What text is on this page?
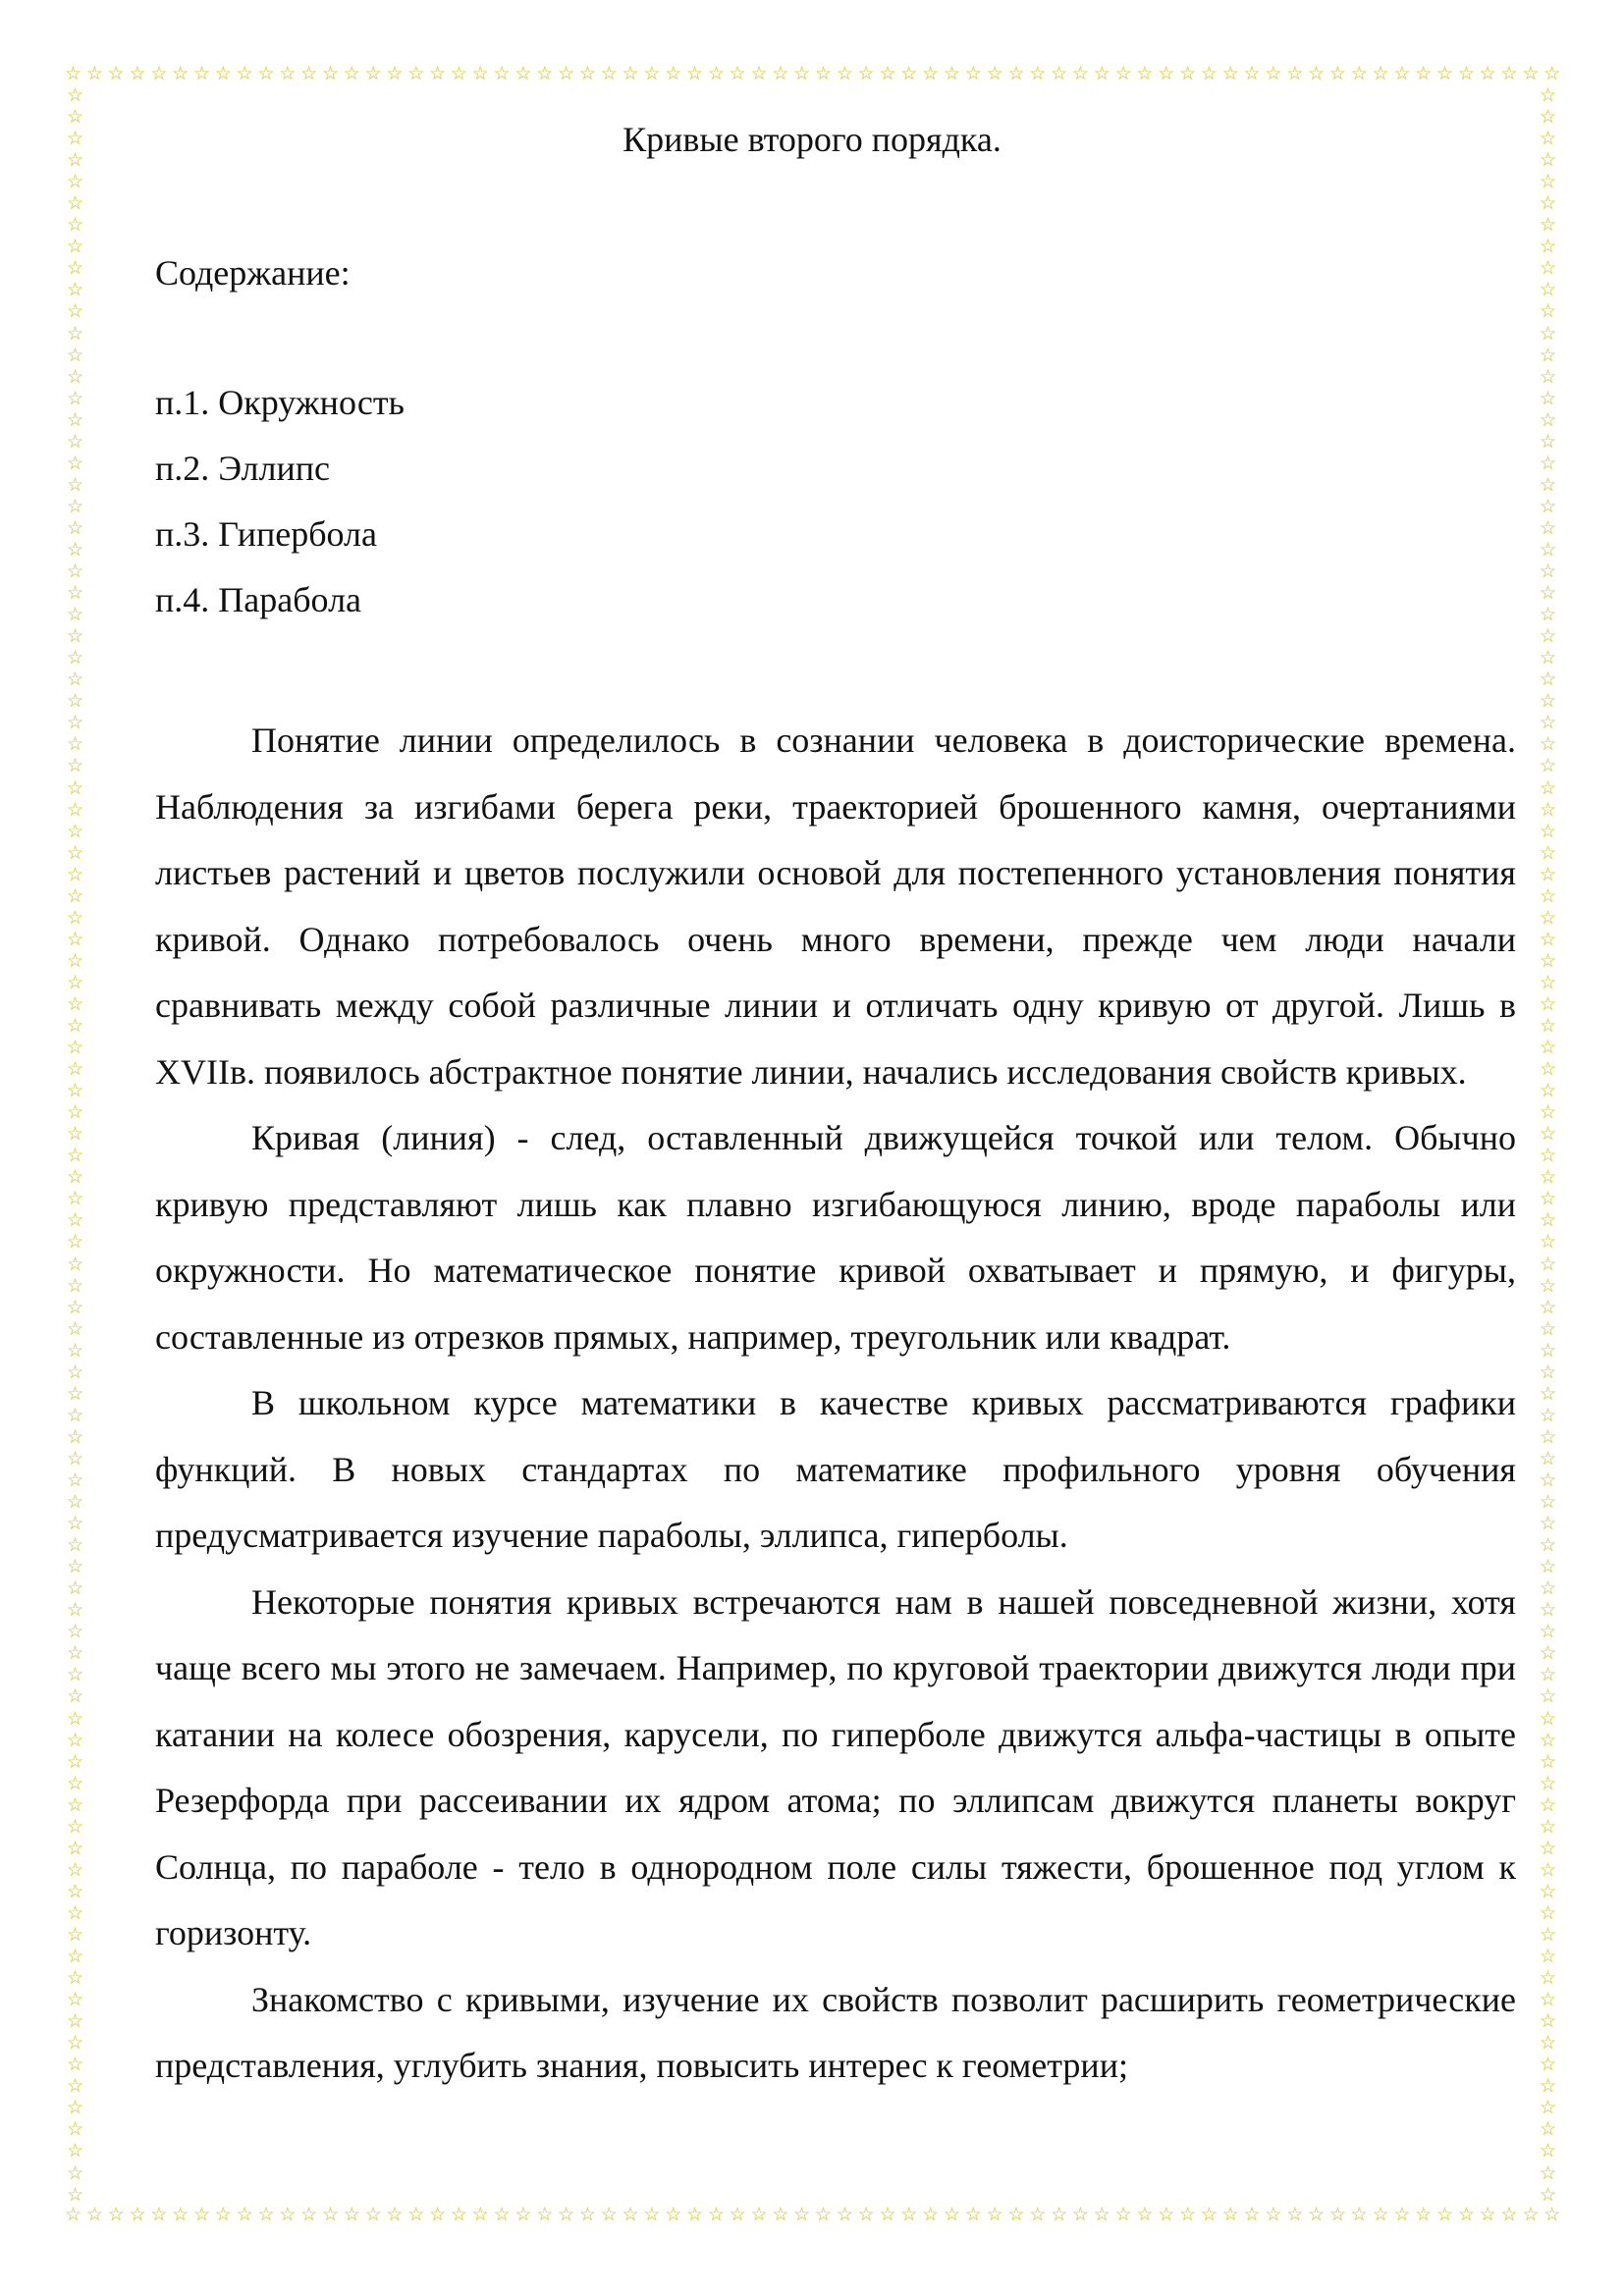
☆ ☆ ☆ ☆ ☆ ☆ ☆ ☆ ☆ ☆ ☆ ☆ ☆ ☆ ☆ ☆ ☆ ☆ ☆ ☆ ☆ ☆ ☆ ☆ ☆ ☆ ☆ ☆ ☆ ☆ ☆ ☆ ☆ ☆ ☆ ☆ ☆ ☆ ☆ ☆ ☆ ☆ ☆ ☆ ☆ ☆ ☆ ☆ ☆ ☆ ☆ ☆ ☆ ☆ ☆ ☆ ☆ ☆ ☆ ☆ ☆ ☆ ☆ ☆ ☆ ☆ ☆ ☆ ☆ ☆
☆ ☆ ☆ ☆ ☆ ☆ ☆ ☆ ☆ ☆ ☆ ☆ ☆ ☆ ☆ ☆ ☆ ☆ ☆ ☆ ☆ ☆ ☆ ☆ ☆ ☆ ☆ ☆ ☆ ☆ ☆ ☆ ☆ ☆ ☆ ☆ ☆ ☆ ☆ ☆ ☆ ☆ ☆ ☆ ☆ ☆ ☆ ☆ ☆ ☆ ☆ ☆ ☆ ☆ ☆ ☆ ☆ ☆ ☆ ☆ ☆ ☆ ☆ ☆ ☆ ☆ ☆ ☆ ☆ ☆
☆
☆
☆
☆
☆
☆
☆
☆
☆
☆
☆
☆
☆
☆
☆
☆
☆
☆
☆
☆
☆
☆
☆
☆
☆
☆
☆
☆
☆
☆
☆
☆
☆
☆
☆
☆
☆
☆
☆
☆
☆
☆
☆
☆
☆
☆
☆
☆
☆
☆
☆
☆
☆
☆
☆
☆
☆
☆
☆
☆
☆
☆
☆
☆
☆
☆
☆
☆
☆
☆
☆
☆
☆
☆
☆
☆
☆
☆
☆
☆
☆
☆
☆
☆
☆
☆
☆
☆
☆
☆
☆
☆
☆
☆
☆
☆
☆
☆
☆
☆
☆
☆
☆
☆
☆
☆
☆
☆
☆
☆
☆
☆
☆
☆
☆
☆
☆
☆
☆
☆
☆
☆
☆
☆
☆
☆
☆
☆
☆
☆
☆
☆
☆
☆
☆
☆
☆
☆
☆
☆
☆
☆
☆
☆
☆
☆
☆
☆
☆
☆
☆
☆
☆
☆
☆
☆
☆
☆
☆
☆
☆
☆
☆
☆
☆
☆
☆
☆
☆
☆
☆
☆
☆
☆
☆
☆
☆
☆
☆
☆
☆
☆
☆
☆
☆
☆
☆
☆
☆
☆
☆
☆
☆
☆
☆
☆
Кривые второго порядка.
Содержание:
п.1. Окружность
п.2. Эллипс
п.3. Гипербола
п.4. Парабола

Понятие линии определилось в сознании человека в доисторические времена. Наблюдения за изгибами берега реки, траекторией брошенного камня, очертаниями листьев растений и цветов послужили основой для постепенного установления понятия кривой. Однако потребовалось очень много времени, прежде чем люди начали сравнивать между собой различные линии и отличать одну кривую от другой. Лишь в XVIIв. появилось абстрактное понятие линии, начались исследования свойств кривых.

Кривая (линия) - след, оставленный движущейся точкой или телом. Обычно кривую представляют лишь как плавно изгибающуюся линию, вроде параболы или окружности. Но математическое понятие кривой охватывает и прямую, и фигуры, составленные из отрезков прямых, например, треугольник или квадрат.

В школьном курсе математики в качестве кривых рассматриваются графики функций. В новых стандартах по математике профильного уровня обучения предусматривается изучение параболы, эллипса, гиперболы.

Некоторые понятия кривых встречаются нам в нашей повседневной жизни, хотя чаще всего мы этого не замечаем. Например, по круговой траектории движутся люди при катании на колесе обозрения, карусели, по гиперболе движутся альфа-частицы в опыте Резерфорда при рассеивании их ядром атома; по эллипсам движутся планеты вокруг Солнца, по параболе - тело в однородном поле силы тяжести, брошенное под углом к горизонту.

Знакомство с кривыми, изучение их свойств позволит расширить геометрические представления, углубить знания, повысить интерес к геометрии;
